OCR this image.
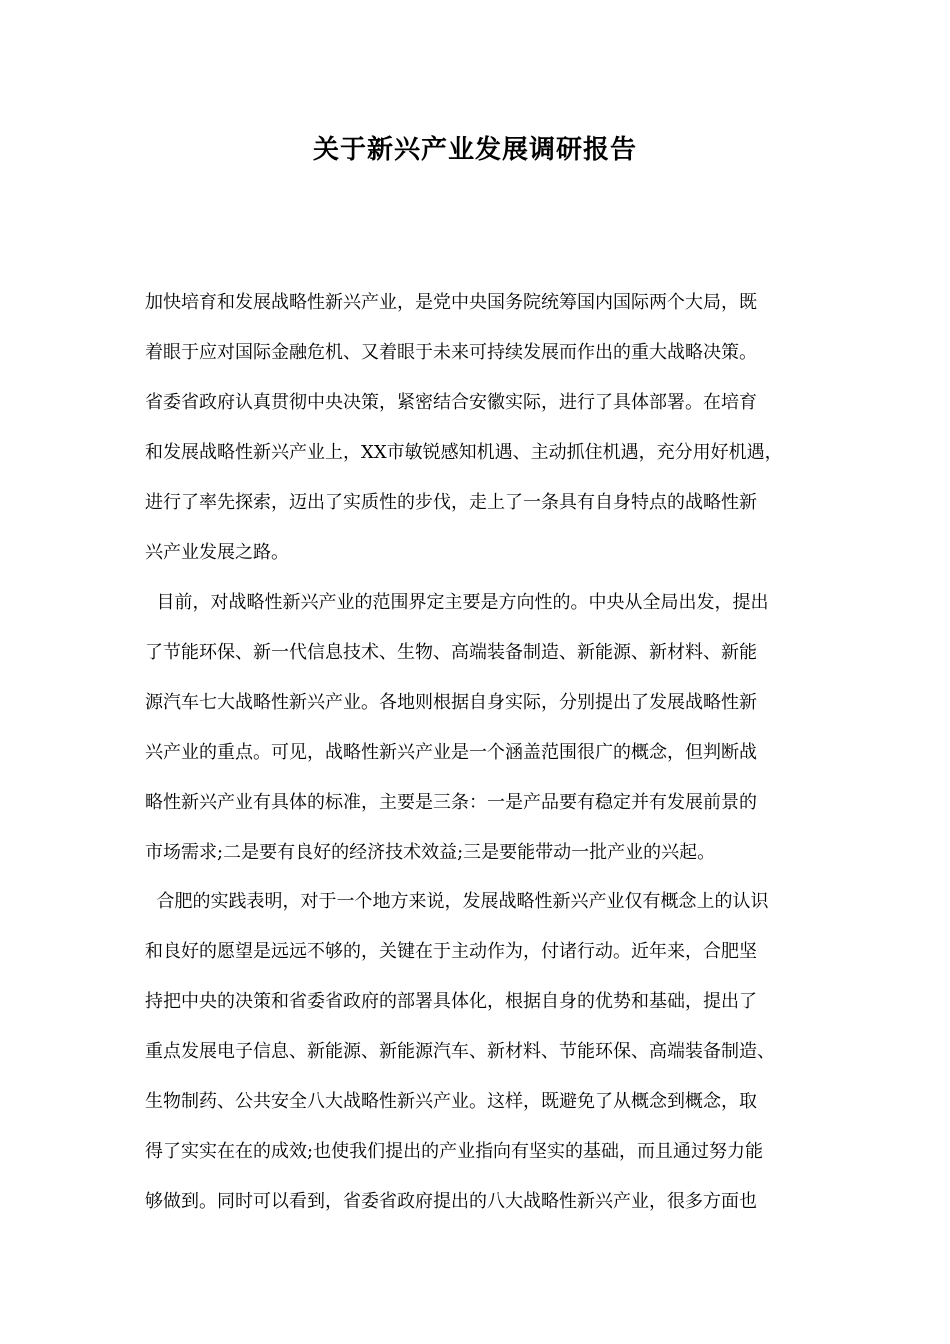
关于新兴产业发展调研报告

加快培育和发展战略性新兴产业，是党中央国务院统筹国内国际两个大局，既

着眼于应对国际金融危机、又着眼于未来可持续发展而作出的重大战略决策。

省委省政府认真贯彻中央决策，紧密结合安徽实际，进行了具体部署。在培育

和发展战略性新兴产业上，XX市敏锐感知机遇、主动抓住机遇，充分用好机遇，

进行了率先探索，迈出了实质性的步伐，走上了一条具有自身特点的战略性新

兴产业发展之路。

目前，对战略性新兴产业的范围界定主要是方向性的。中央从全局出发，提出

了节能环保、新一代信息技术、生物、高端装备制造、新能源、新材料、新能

源汽车七大战略性新兴产业。各地则根据自身实际，分别提出了发展战略性新

兴产业的重点。可见，战略性新兴产业是一个涵盖范围很广的概念，但判断战

略性新兴产业有具体的标准，主要是三条：一是产品要有稳定并有发展前景的

市场需求;二是要有良好的经济技术效益;三是要能带动一批产业的兴起。

合肥的实践表明，对于一个地方来说，发展战略性新兴产业仅有概念上的认识

和良好的愿望是远远不够的，关键在于主动作为，付诸行动。近年来，合肥坚

持把中央的决策和省委省政府的部署具体化，根据自身的优势和基础，提出了

重点发展电子信息、新能源、新能源汽车、新材料、节能环保、高端装备制造、

生物制药、公共安全八大战略性新兴产业。这样，既避免了从概念到概念，取

得了实实在在的成效;也使我们提出的产业指向有坚实的基础，而且通过努力能

够做到。同时可以看到，省委省政府提出的八大战略性新兴产业，很多方面也
